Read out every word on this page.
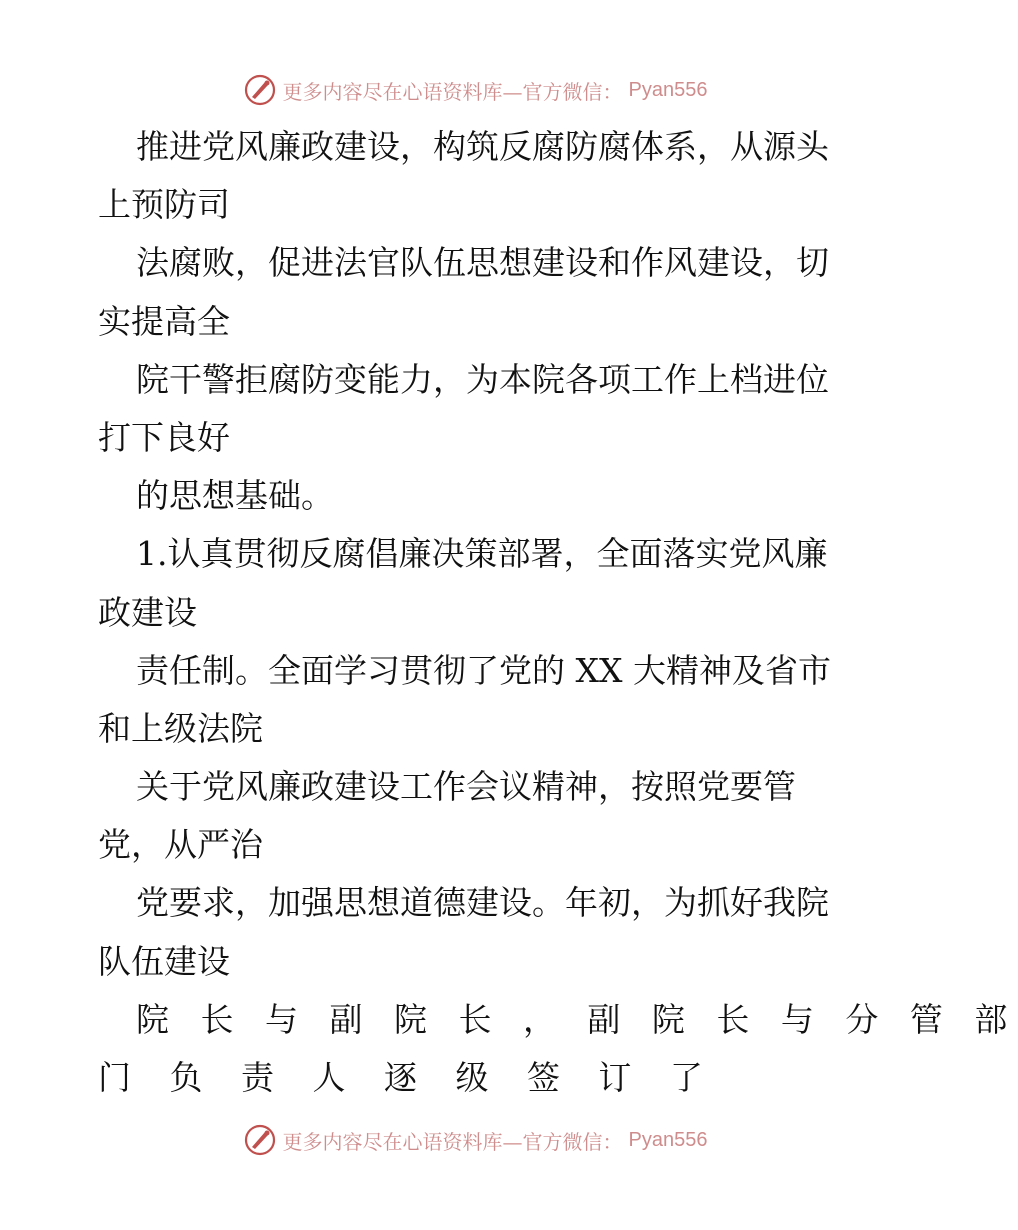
更多内容尽在心语资料库—官方微信： Pyan556
推进党风廉政建设，构筑反腐防腐体系，从源头
上预防司
法腐败，促进法官队伍思想建设和作风建设，切
实提高全
院干警拒腐防变能力，为本院各项工作上档进位
打下良好
的思想基础。
1.认真贯彻反腐倡廉决策部署，全面落实党风廉
政建设
责任制。全面学习贯彻了党的 XX 大精神及省市
和上级法院
关于党风廉政建设工作会议精神，按照党要管
党，从严治
党要求，加强思想道德建设。年初，为抓好我院
队伍建设
院 长 与 副 院 长 ， 副 院 长 与 分 管 部
门 负 责 人 逐 级 签 订 了
更多内容尽在心语资料库—官方微信： Pyan556
